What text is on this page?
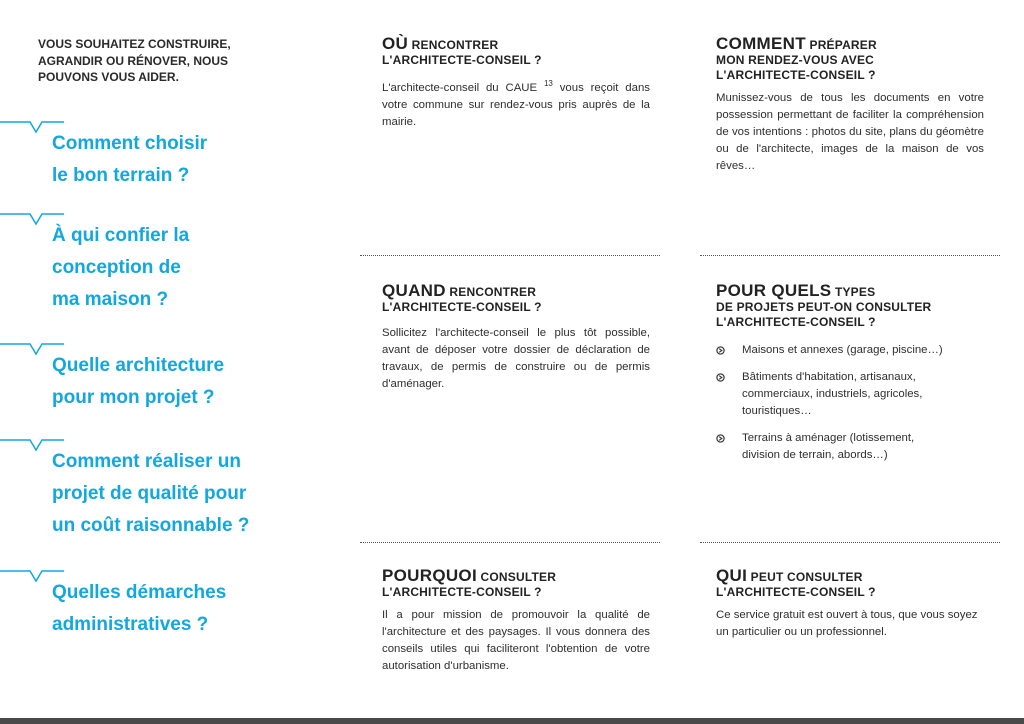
VOUS SOUHAITEZ CONSTRUIRE, AGRANDIR OU RÉNOVER, NOUS POUVONS VOUS AIDER.
Comment choisir
le bon terrain ?
À qui confier la
conception de
ma maison ?
Quelle architecture
pour mon projet ?
Comment réaliser un
projet de qualité pour
un coût raisonnable ?
Quelles démarches
administratives ?
OÙ RENCONTRER
L'ARCHITECTE-CONSEIL ?

L'architecte-conseil du CAUE $^{13}$ vous reçoit dans votre commune sur rendez-vous pris auprès de la mairie.

QUAND RENCONTRER
L'ARCHITECTE-CONSEIL ?

Sollicitez l'architecte-conseil le plus tôt possible, avant de déposer votre dossier de déclaration de travaux, de permis de construire ou de permis d'aménager.

POURQUOI CONSULTER
L'ARCHITECTE-CONSEIL ?

Il a pour mission de promouvoir la qualité de l'architecture et des paysages. Il vous donnera des conseils utiles qui faciliteront l'obtention de votre autorisation d'urbanisme.

COMMENT PRÉPARER
MON RENDEZ-VOUS AVEC
L'ARCHITECTE-CONSEIL ?

Munissez-vous de tous les documents en votre possession permettant de faciliter la compréhension de vos intentions : photos du site, plans du géomètre ou de l'architecte, images de la maison de vos rêves…

POUR QUELS TYPES
DE PROJETS PEUT-ON CONSULTER
L'ARCHITECTE-CONSEIL ?
Maisons et annexes (garage, piscine…)
Bâtiments d'habitation, artisanaux, commerciaux, industriels, agricoles, touristiques…
Terrains à aménager (lotissement, division de terrain, abords…)
QUI PEUT CONSULTER
L'ARCHITECTE-CONSEIL ?

Ce service gratuit est ouvert à tous, que vous soyez un particulier ou un professionnel.
